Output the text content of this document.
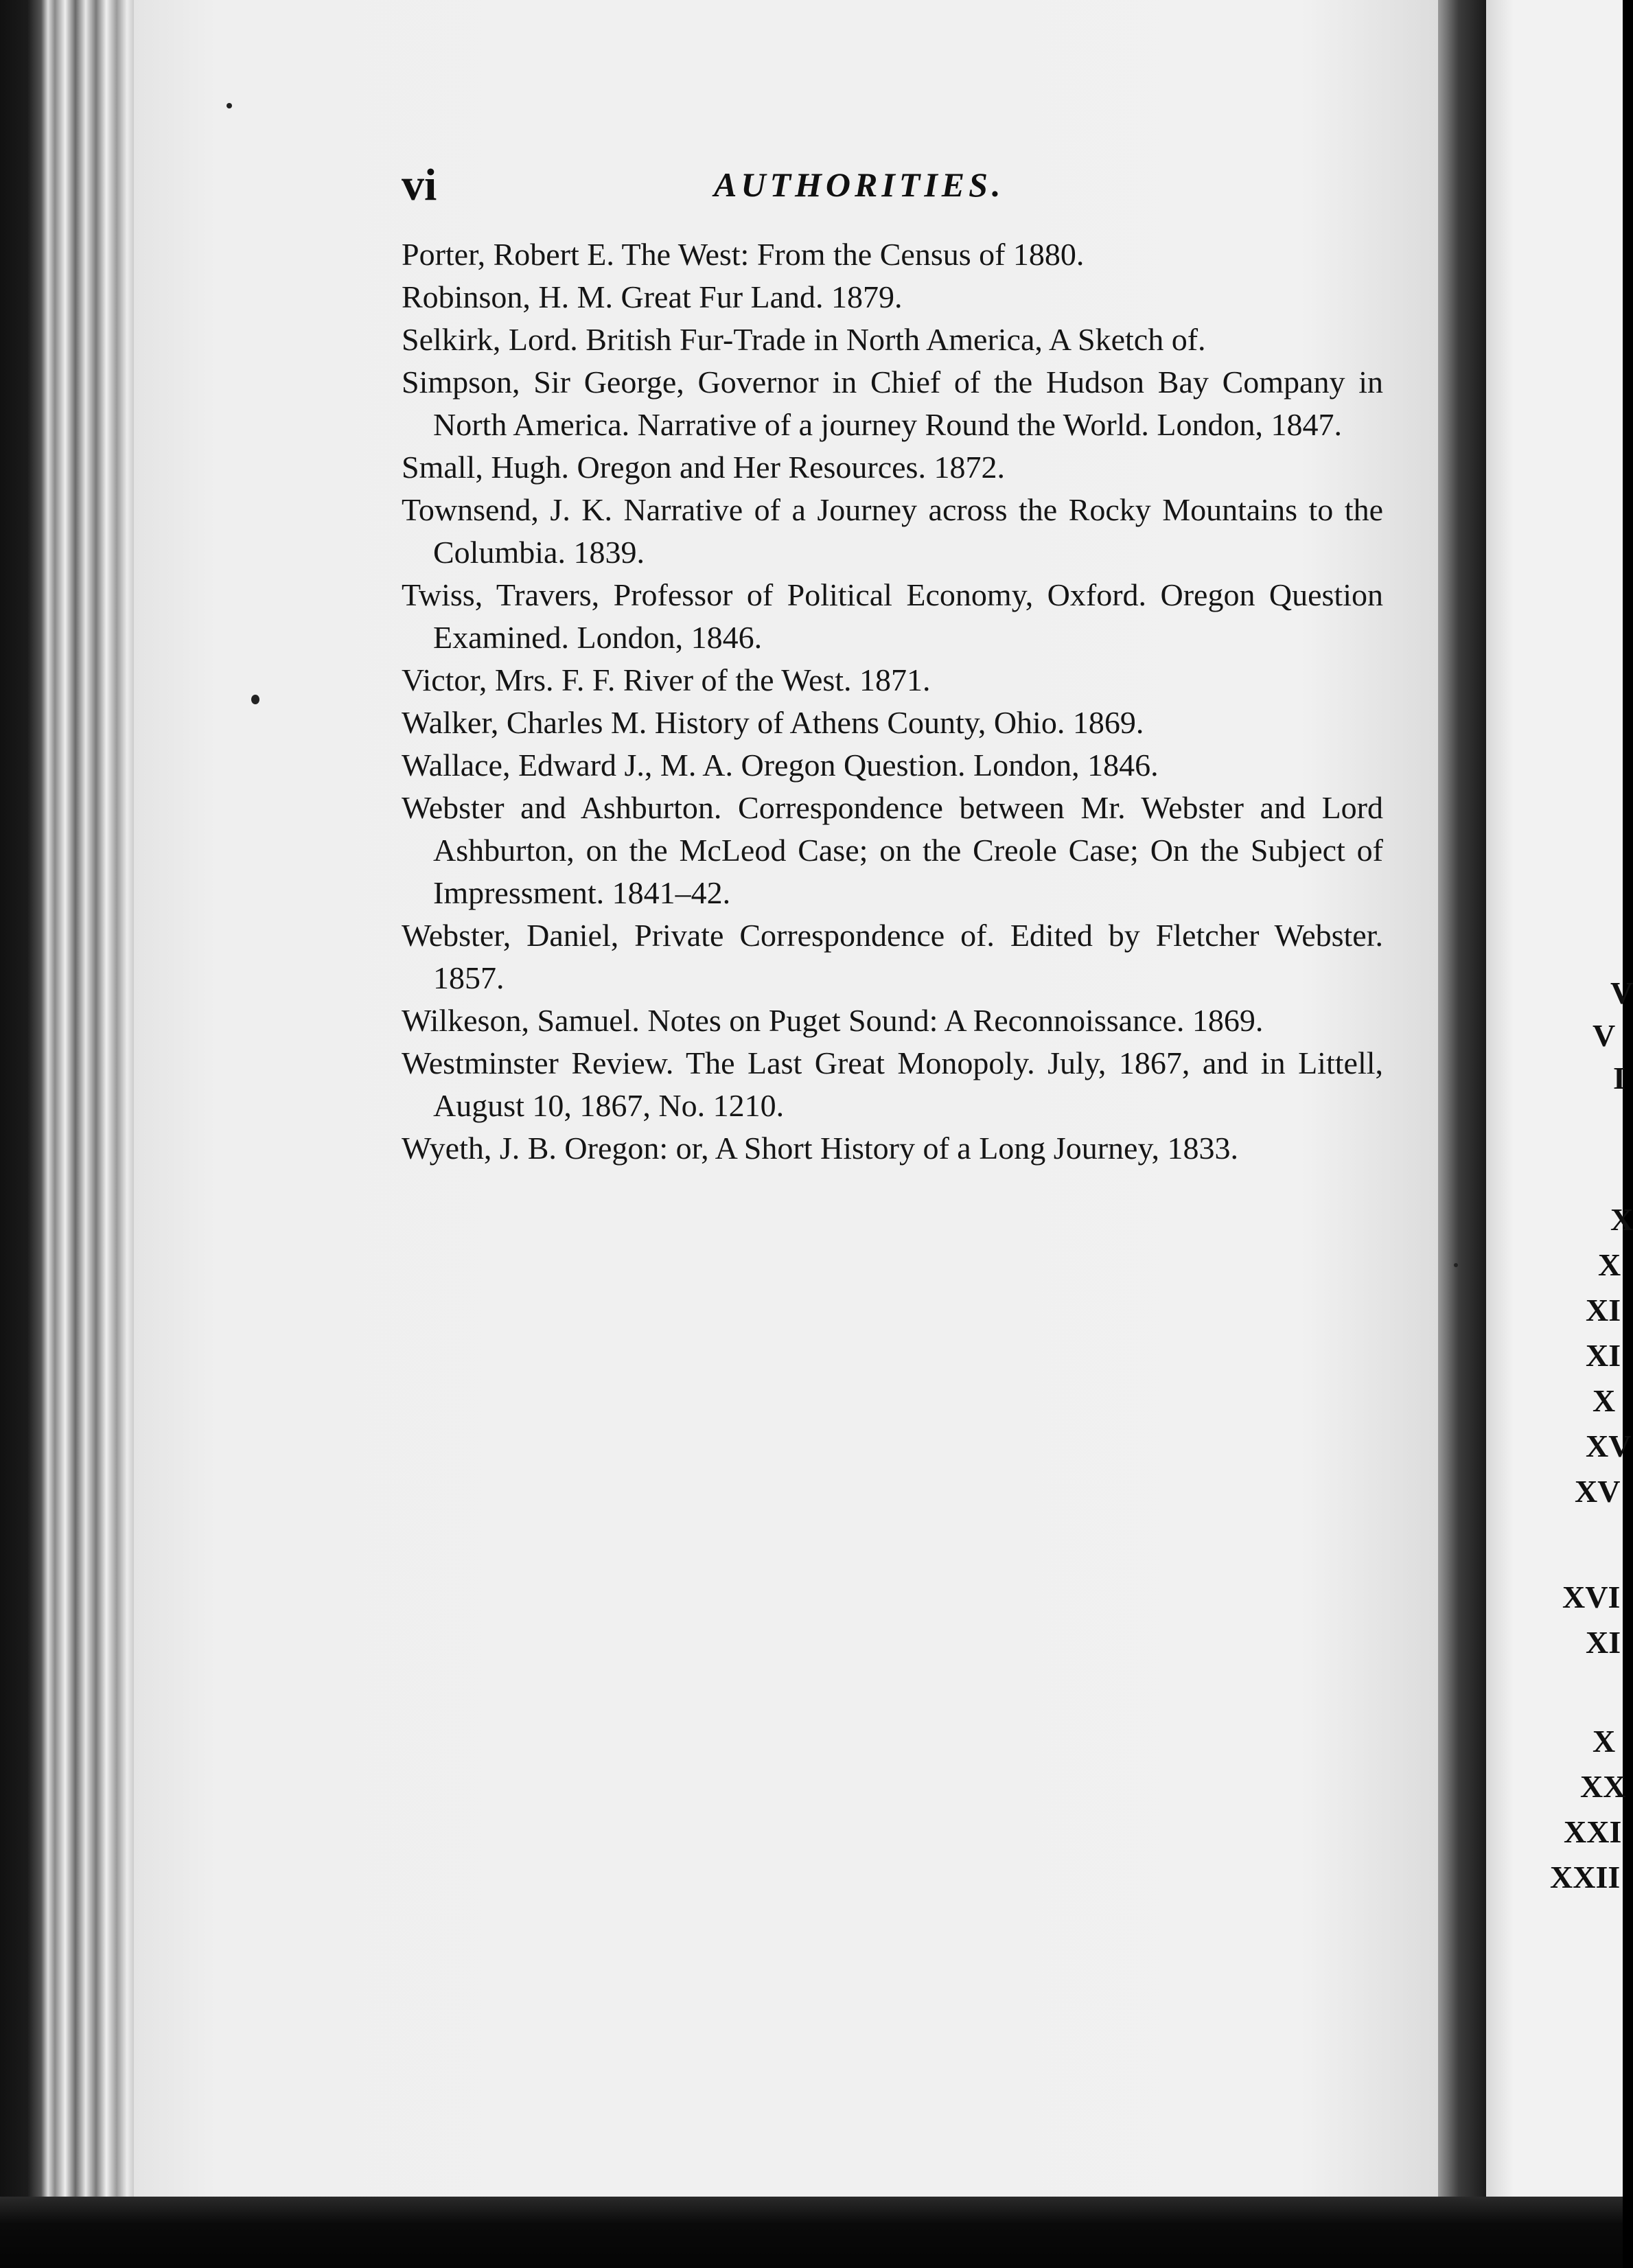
vi	AUTHORITIES.

Porter, Robert E. The West: From the Census of 1880.

Robinson, H. M. Great Fur Land. 1879.

Selkirk, Lord. British Fur-Trade in North America, A Sketch of.

Simpson, Sir George, Governor in Chief of the Hudson Bay Company in North America. Narrative of a journey Round the World. London, 1847.

Small, Hugh. Oregon and Her Resources. 1872.

Townsend, J. K. Narrative of a Journey across the Rocky Mountains to the Columbia. 1839.

Twiss, Travers, Professor of Political Economy, Oxford. Oregon Question Examined. London, 1846.

Victor, Mrs. F. F. River of the West. 1871.

Walker, Charles M. History of Athens County, Ohio. 1869.

Wallace, Edward J., M. A. Oregon Question. London, 1846.

Webster and Ashburton. Correspondence between Mr. Webster and Lord Ashburton, on the McLeod Case; on the Creole Case; On the Subject of Impressment. 1841–42.

Webster, Daniel, Private Correspondence of. Edited by Fletcher Webster. 1857.

Wilkeson, Samuel. Notes on Puget Sound: A Reconnoissance. 1869.

Westminster Review. The Last Great Monopoly. July, 1867, and in Littell, August 10, 1867, No. 1210.

Wyeth, J. B. Oregon: or, A Short History of a Long Journey, 1833.

V
V
I
X
X
XI
XI
X
XV
XV
XVI
XI
X
XX
XXI
XXII
